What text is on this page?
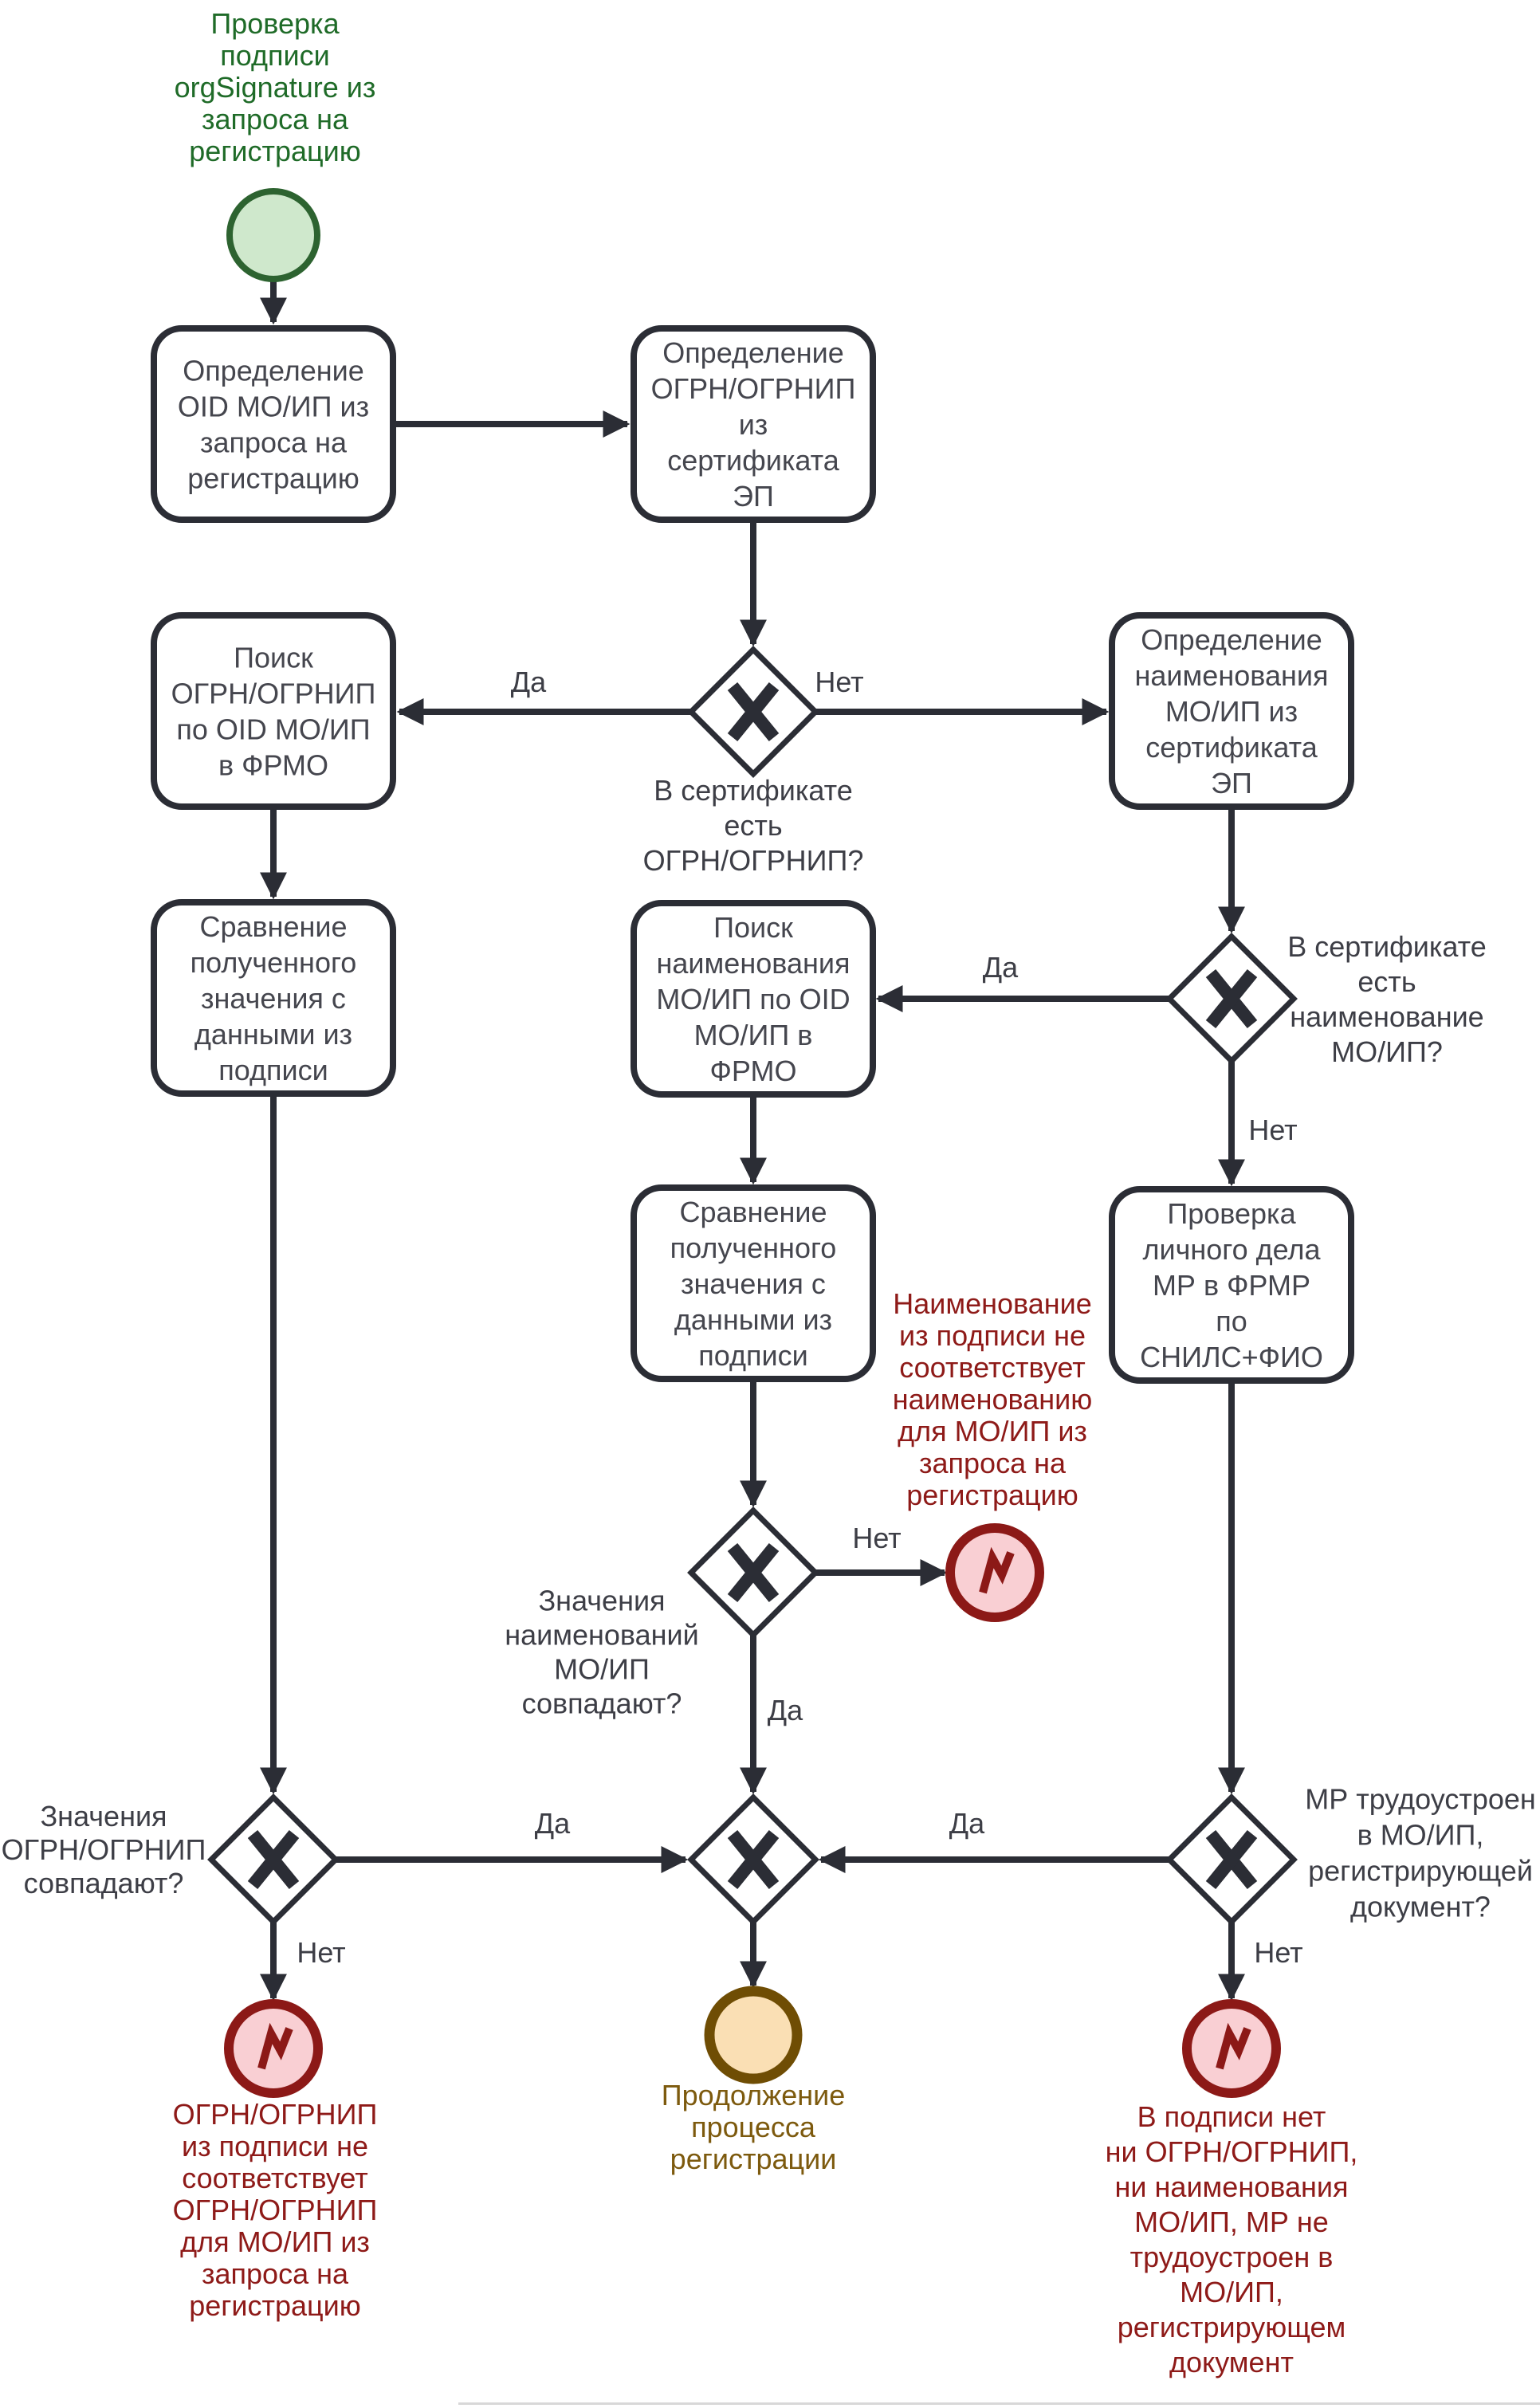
Определение OID МО/ИП из запроса на регистрацию
Определение ОГРН/ОГРНИП из сертификата ЭП
Поиск ОГРН/ОГРНИП по OID МО/ИП в ФРМО
Определение наименования МО/ИП из сертификата ЭП
Сравнение полученного значения с данными из подписи
Поиск наименования МО/ИП по OID МО/ИП в ФРМО
Сравнение полученного значения с данными из подписи
Проверка личного дела МР в ФРМР по СНИЛС+ФИО
Проверка подписи orgSignature из запроса на регистрацию
В сертификате есть ОГРН/ОГРНИП?
В сертификате есть наименование МО/ИП?
Значения наименований МО/ИП совпадают?
Значения ОГРН/ОГРНИП совпадают?
МР трудоустроен в МО/ИП, регистрирующей документ?
Наименование из подписи не соответствует наименованию для МО/ИП из запроса на регистрацию
ОГРН/ОГРНИП из подписи не соответствует ОГРН/ОГРНИП для МО/ИП из запроса на регистрацию
Продолжение процесса регистрации
В подписи нет ни ОГРН/ОГРНИП, ни наименования МО/ИП, МР не трудоустроен в МО/ИП, регистрирующем документ
Да	Нет
Да
Нет
Нет
Да
Да	Да
Нет	Нет
